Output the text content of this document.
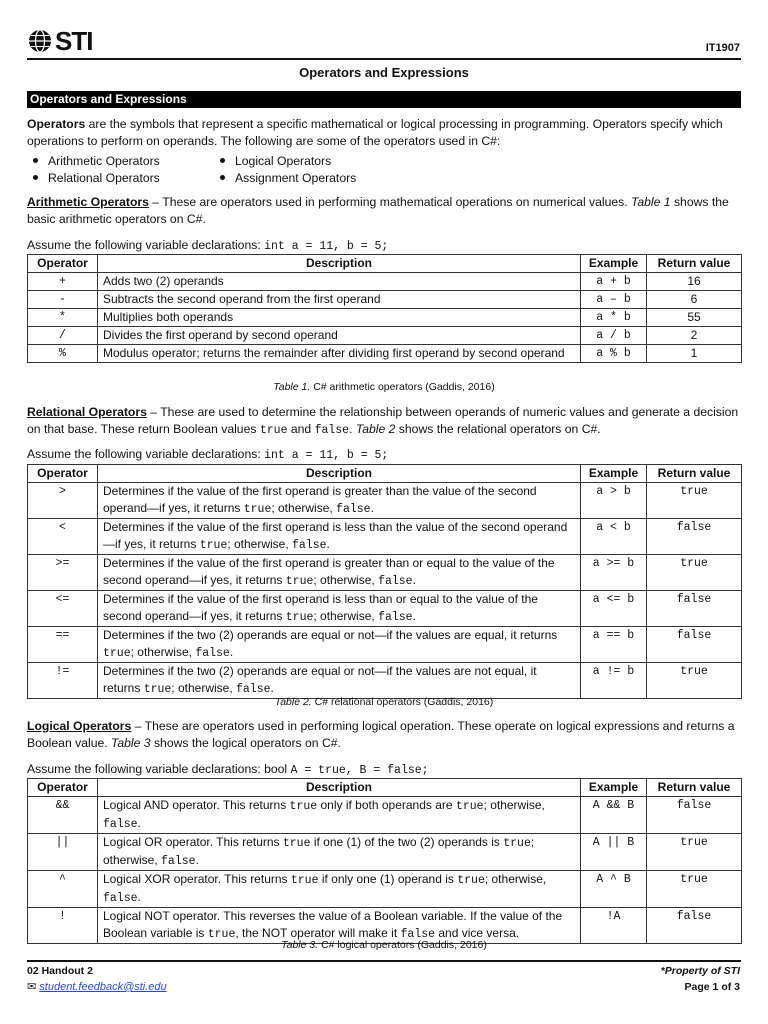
STI	IT1907
Operators and Expressions
Operators and Expressions
Operators are the symbols that represent a specific mathematical or logical processing in programming. Operators specify which operations to perform on operands. The following are some of the operators used in C#:
Arithmetic Operators	Logical Operators
Relational Operators	Assignment Operators
Arithmetic Operators – These are operators used in performing mathematical operations on numerical values. Table 1 shows the basic arithmetic operators on C#.
Assume the following variable declarations: int a = 11, b = 5;
Operator	Description	Example	Return value
+	Adds two (2) operands	a + b	16
-	Subtracts the second operand from the first operand	a – b	6
*	Multiplies both operands	a * b	55
/	Divides the first operand by second operand	a / b	2
%	Modulus operator; returns the remainder after dividing first operand by second operand	a % b	1
Table 1. C# arithmetic operators (Gaddis, 2016)
Relational Operators – These are used to determine the relationship between operands of numeric values and generate a decision on that base. These return Boolean values true and false. Table 2 shows the relational operators on C#.
Assume the following variable declarations: int a = 11, b = 5;
Operator	Description	Example	Return value
>	Determines if the value of the first operand is greater than the value of the second operand—if yes, it returns true; otherwise, false.	a > b	true
<	Determines if the value of the first operand is less than the value of the second operand—if yes, it returns true; otherwise, false.	a < b	false
>=	Determines if the value of the first operand is greater than or equal to the value of the second operand—if yes, it returns true; otherwise, false.	a >= b	true
<=	Determines if the value of the first operand is less than or equal to the value of the second operand—if yes, it returns true; otherwise, false.	a <= b	false
==	Determines if the two (2) operands are equal or not—if the values are equal, it returns true; otherwise, false.	a == b	false
!=	Determines if the two (2) operands are equal or not—if the values are not equal, it returns true; otherwise, false.	a != b	true
Table 2. C# relational operators (Gaddis, 2016)
Logical Operators – These are operators used in performing logical operation. These operate on logical expressions and returns a Boolean value. Table 3 shows the logical operators on C#.
Assume the following variable declarations: bool A = true, B = false;
Operator	Description	Example	Return value
&&	Logical AND operator. This returns true only if both operands are true; otherwise, false.	A && B	false
||	Logical OR operator. This returns true if one (1) of the two (2) operands is true; otherwise, false.	A || B	true
^	Logical XOR operator. This returns true if only one (1) operand is true; otherwise, false.	A ^ B	true
!	Logical NOT operator. This reverses the value of a Boolean variable. If the value of the Boolean variable is true, the NOT operator will make it false and vice versa.	!A	false
Table 3. C# logical operators (Gaddis, 2016)
02 Handout 2
✉ student.feedback@sti.edu
*Property of STI
Page 1 of 3
